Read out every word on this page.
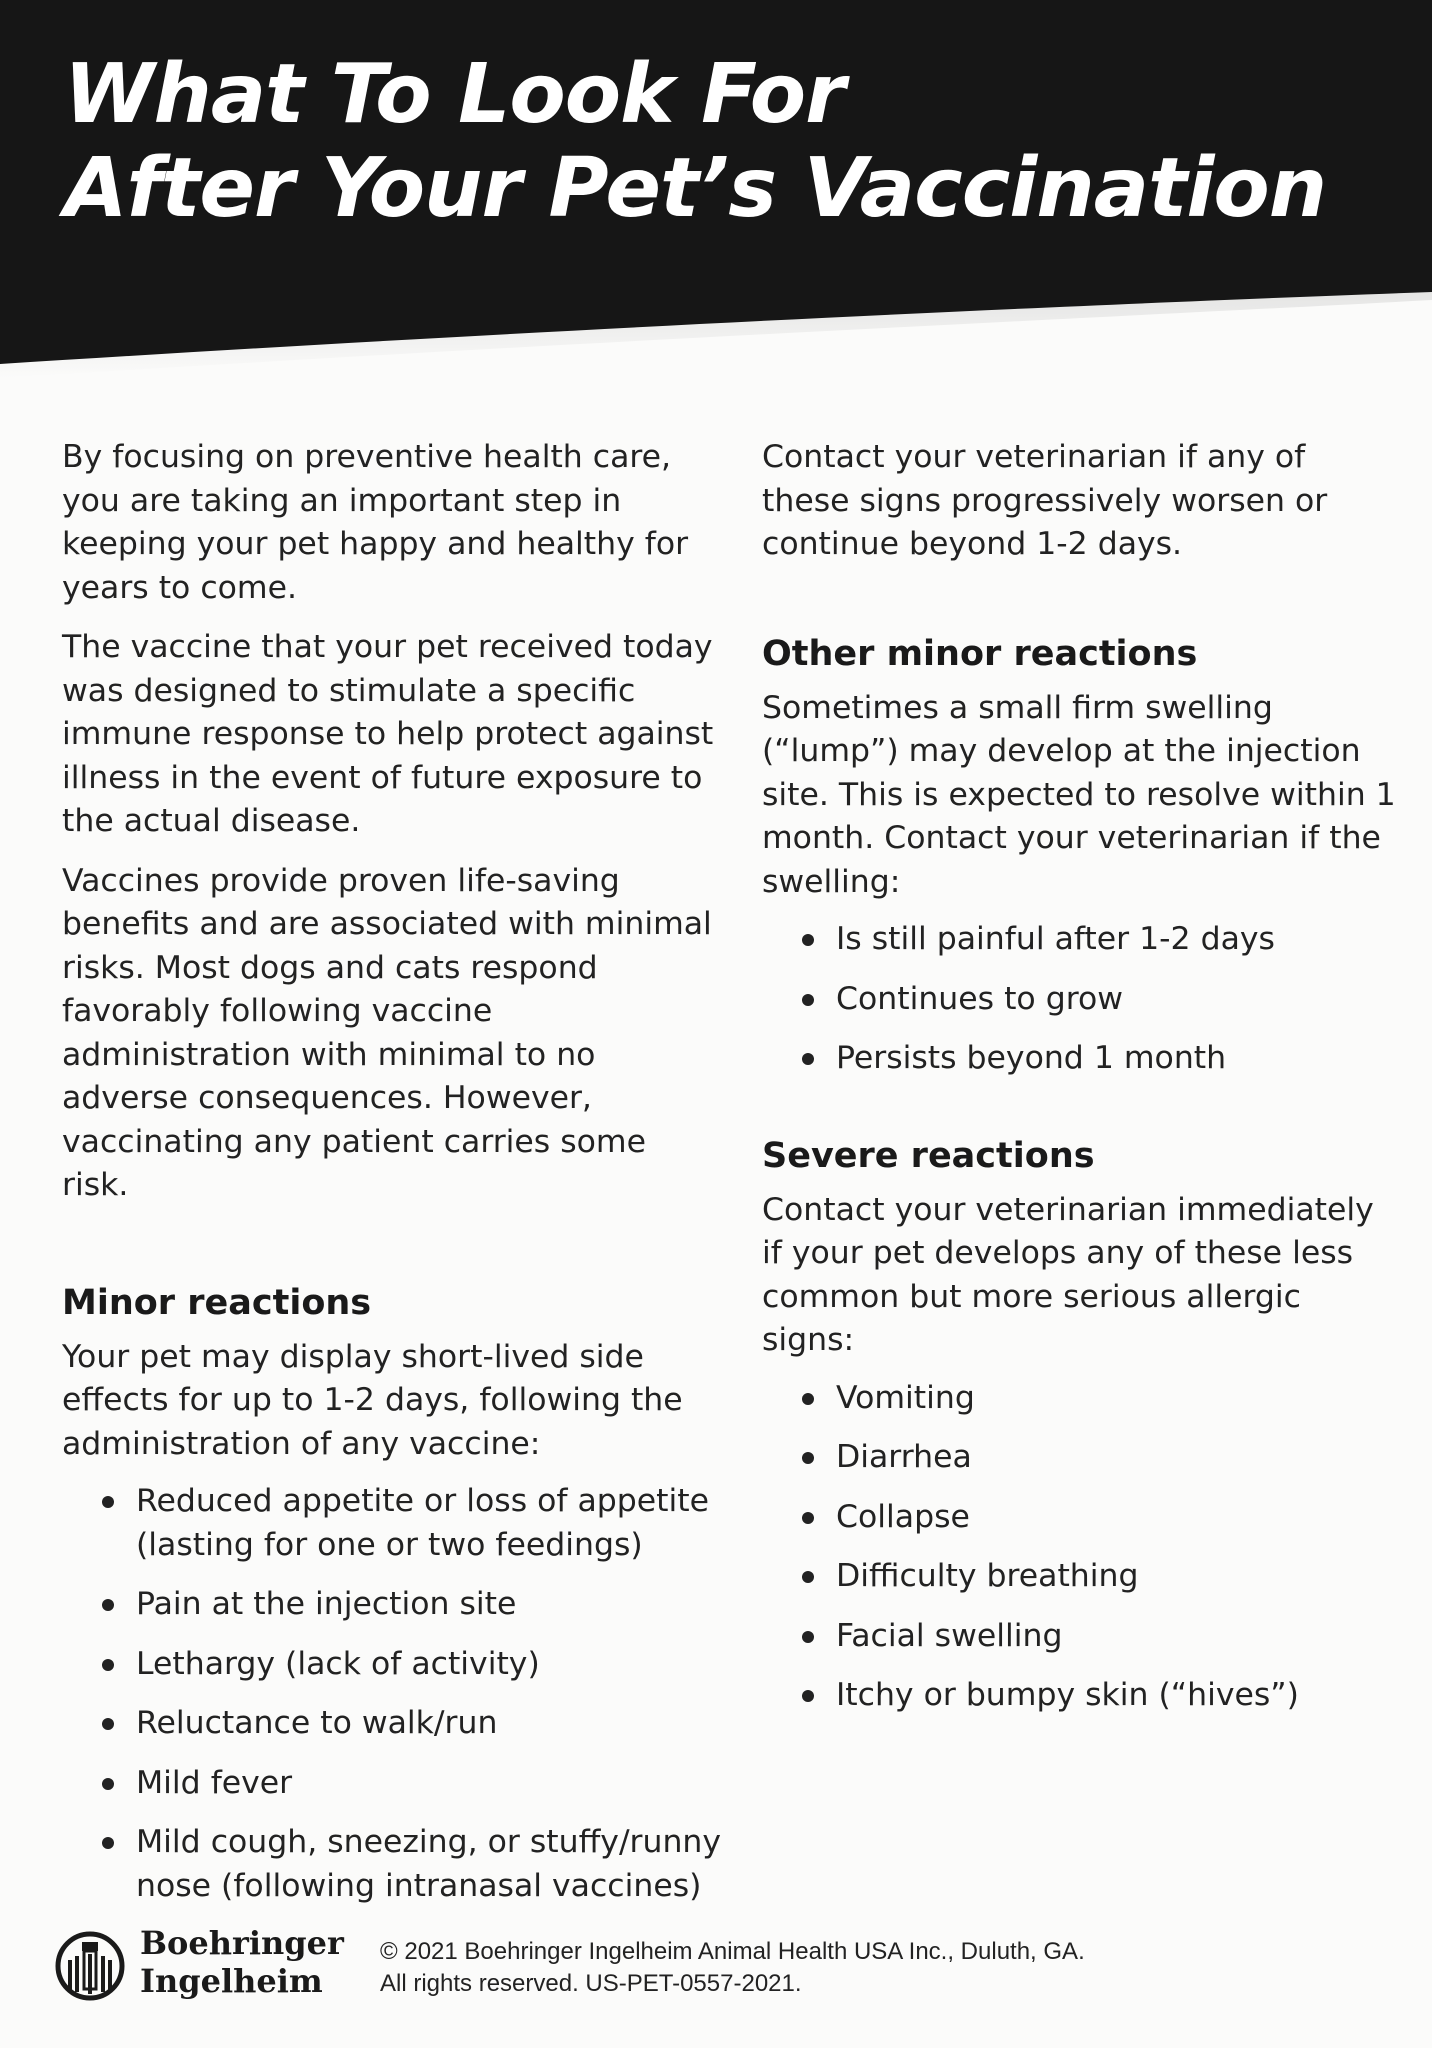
What To Look For
After Your Pet’s Vaccination

By focusing on preventive health care, you are taking an important step in keeping your pet happy and healthy for years to come.

The vaccine that your pet received today was designed to stimulate a specific immune response to help protect against illness in the event of future exposure to the actual disease.

Vaccines provide proven life-saving benefits and are associated with minimal risks. Most dogs and cats respond favorably following vaccine administration with minimal to no adverse consequences. However, vaccinating any patient carries some risk.

Minor reactions

Your pet may display short-lived side effects for up to 1-2 days, following the administration of any vaccine:

Reduced appetite or loss of appetite (lasting for one or two feedings)
Pain at the injection site
Lethargy (lack of activity)
Reluctance to walk/run
Mild fever
Mild cough, sneezing, or stuffy/runny nose (following intranasal vaccines)

Contact your veterinarian if any of these signs progressively worsen or continue beyond 1-2 days.

Other minor reactions

Sometimes a small firm swelling (“lump”) may develop at the injection site. This is expected to resolve within 1 month. Contact your veterinarian if the swelling:

Is still painful after 1-2 days
Continues to grow
Persists beyond 1 month
Severe reactions

Contact your veterinarian immediately if your pet develops any of these less common but more serious allergic signs:

Vomiting
Diarrhea
Collapse
Difficulty breathing
Facial swelling
Itchy or bumpy skin (“hives”)
Boehringer
Ingelheim
© 2021 Boehringer Ingelheim Animal Health USA Inc., Duluth, GA.
All rights reserved. US-PET-0557-2021.
